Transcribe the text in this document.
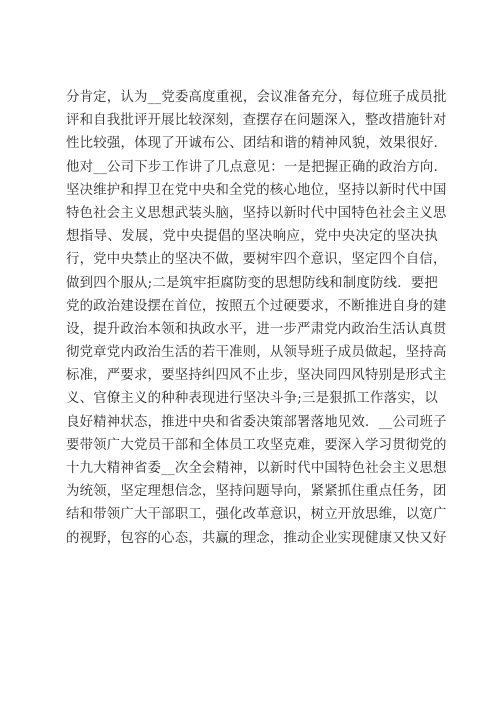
分肯定，认为__党委高度重视，会议准备充分，每位班子成员批
评和自我批评开展比较深刻，查摆存在问题深入，整改措施针对
性比较强，体现了开诚布公、团结和谐的精神风貌，效果很好.
他对__公司下步工作讲了几点意见：一是把握正确的政治方向.
坚决维护和捍卫在党中央和全党的核心地位，坚持以新时代中国
特色社会主义思想武装头脑，坚持以新时代中国特色社会主义思
想指导、发展，党中央提倡的坚决响应，党中央决定的坚决执
行，党中央禁止的坚决不做，要树牢四个意识，坚定四个自信，
做到四个服从;二是筑牢拒腐防变的思想防线和制度防线．要把
党的政治建设摆在首位，按照五个过硬要求，不断推进自身的建
设，提升政治本领和执政水平，进一步严肃党内政治生活认真贯
彻党章党内政治生活的若干准则，从领导班子成员做起，坚持高
标准，严要求，要坚持纠四风不止步，坚决同四风特别是形式主
义、官僚主义的种种表现进行坚决斗争;三是狠抓工作落实，以
良好精神状态，推进中央和省委决策部署落地见效．__公司班子
要带领广大党员干部和全体员工攻坚克难，要深入学习贯彻党的
十九大精神省委__次全会精神，以新时代中国特色社会主义思想
为统领，坚定理想信念，坚持问题导向，紧紧抓住重点任务，团
结和带领广大干部职工，强化改革意识，树立开放思维，以宽广
的视野，包容的心态，共赢的理念，推动企业实现健康又快又好
